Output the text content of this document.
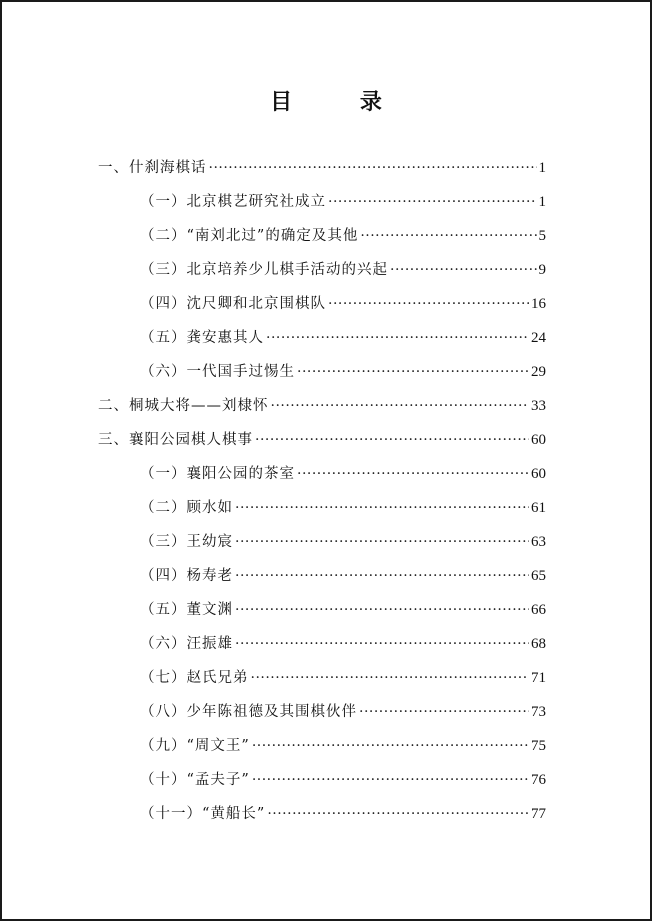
目 录
一、什刹海棋话 ·····	1
（一）北京棋艺研究社成立 ·····	1
（二）“南刘北过”的确定及其他 ·····	5
（三）北京培养少儿棋手活动的兴起 ·····	9
（四）沈尺卿和北京围棋队 ·····	16
（五）龚安惠其人 ·····	24
（六）一代国手过惕生 ·····	29
二、桐城大将——刘棣怀 ·····	33
三、襄阳公园棋人棋事 ·····	60
（一）襄阳公园的茶室 ·····	60
（二）顾水如 ·····	61
（三）王幼宸 ·····	63
（四）杨寿老 ·····	65
（五）董文渊 ·····	66
（六）汪振雄 ·····	68
（七）赵氏兄弟 ·····	71
（八）少年陈祖德及其围棋伙伴 ·····	73
（九）“周文王” ·····	75
（十）“孟夫子” ·····	76
（十一）“黄船长” ·····	77
